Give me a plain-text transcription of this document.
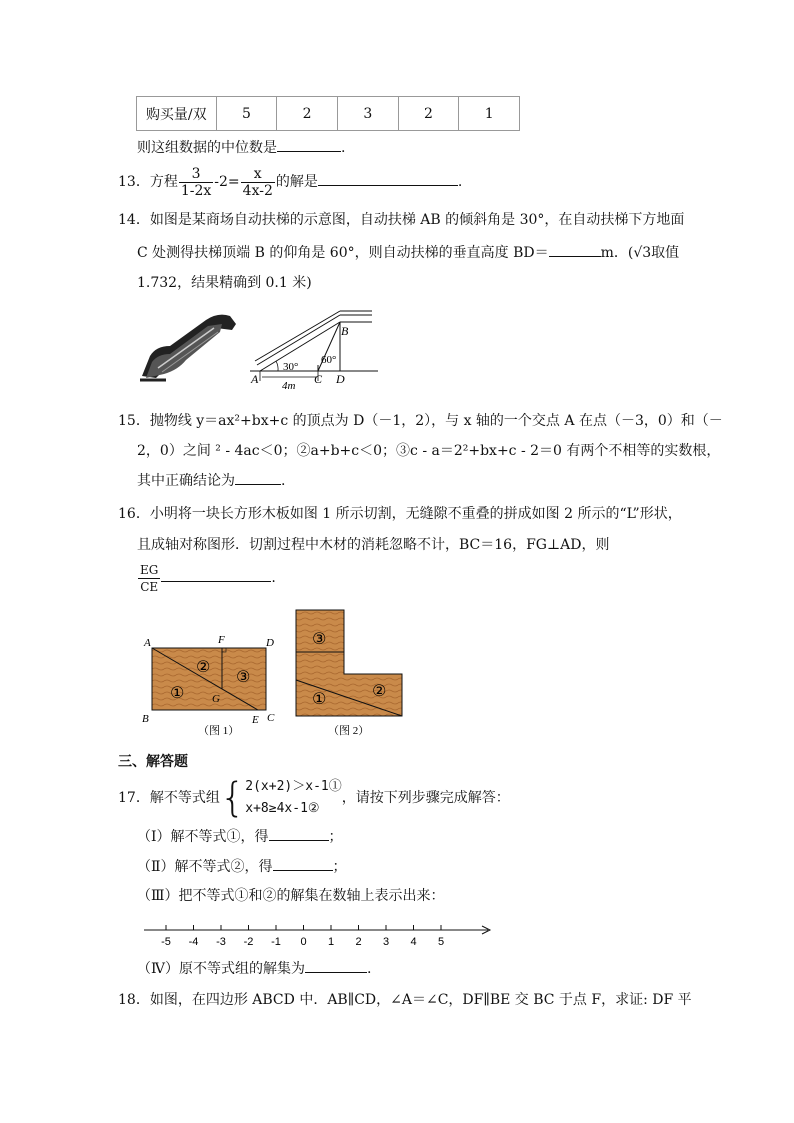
购买量/双	5	2	3	2	1
则这组数据的中位数是	.
13．方程 $\frac{3}{1-2x} -2= \frac{x}{4x-2}$ 的解是	.
14．如图是某商场自动扶梯的示意图，自动扶梯 AB 的倾斜角是 30°，在自动扶梯下方地面
C 处测得扶梯顶端 B 的仰角是 60°，则自动扶梯的垂直高度 BD＝	m．(√3取值
1.732，结果精确到 0.1 米)
A
B
C D
30°
60°
4m
15．抛物线 y＝ax²+bx+c 的顶点为 D（－1，2），与 x 轴的一个交点 A 在点（－3，0）和（－
2，0）之间 ² - 4ac＜0；②a+b+c＜0；③c - a＝2²+bx+c - 2＝0 有两个不相等的实数根，
其中正确结论为	.
16．小明将一块长方形木板如图 1 所示切割，无缝隙不重叠的拼成如图 2 所示的“L”形状，
且成轴对称图形．切割过程中木材的消耗忽略不计，BC＝16，FG⊥AD，则
$\frac{EG}{CE}$	.
A	F	D
B
G
E C
①
②
③
（图 1）
③
①	②
（图 2）
三、解答题
17．解不等式组{ 2(x+2)＞x-1①
x+8≥4x-1②
，请按下列步骤完成解答：
（Ⅰ）解不等式①，得	；
（Ⅱ）解不等式②，得	；
（Ⅲ）把不等式①和②的解集在数轴上表示出来：
-5 -4 -3 -2 -1 0 1 2 3 4 5
（Ⅳ）原不等式组的解集为	.
18．如图，在四边形 ABCD 中．AB∥CD，∠A＝∠C，DF∥BE 交 BC 于点 F，求证: DF 平
